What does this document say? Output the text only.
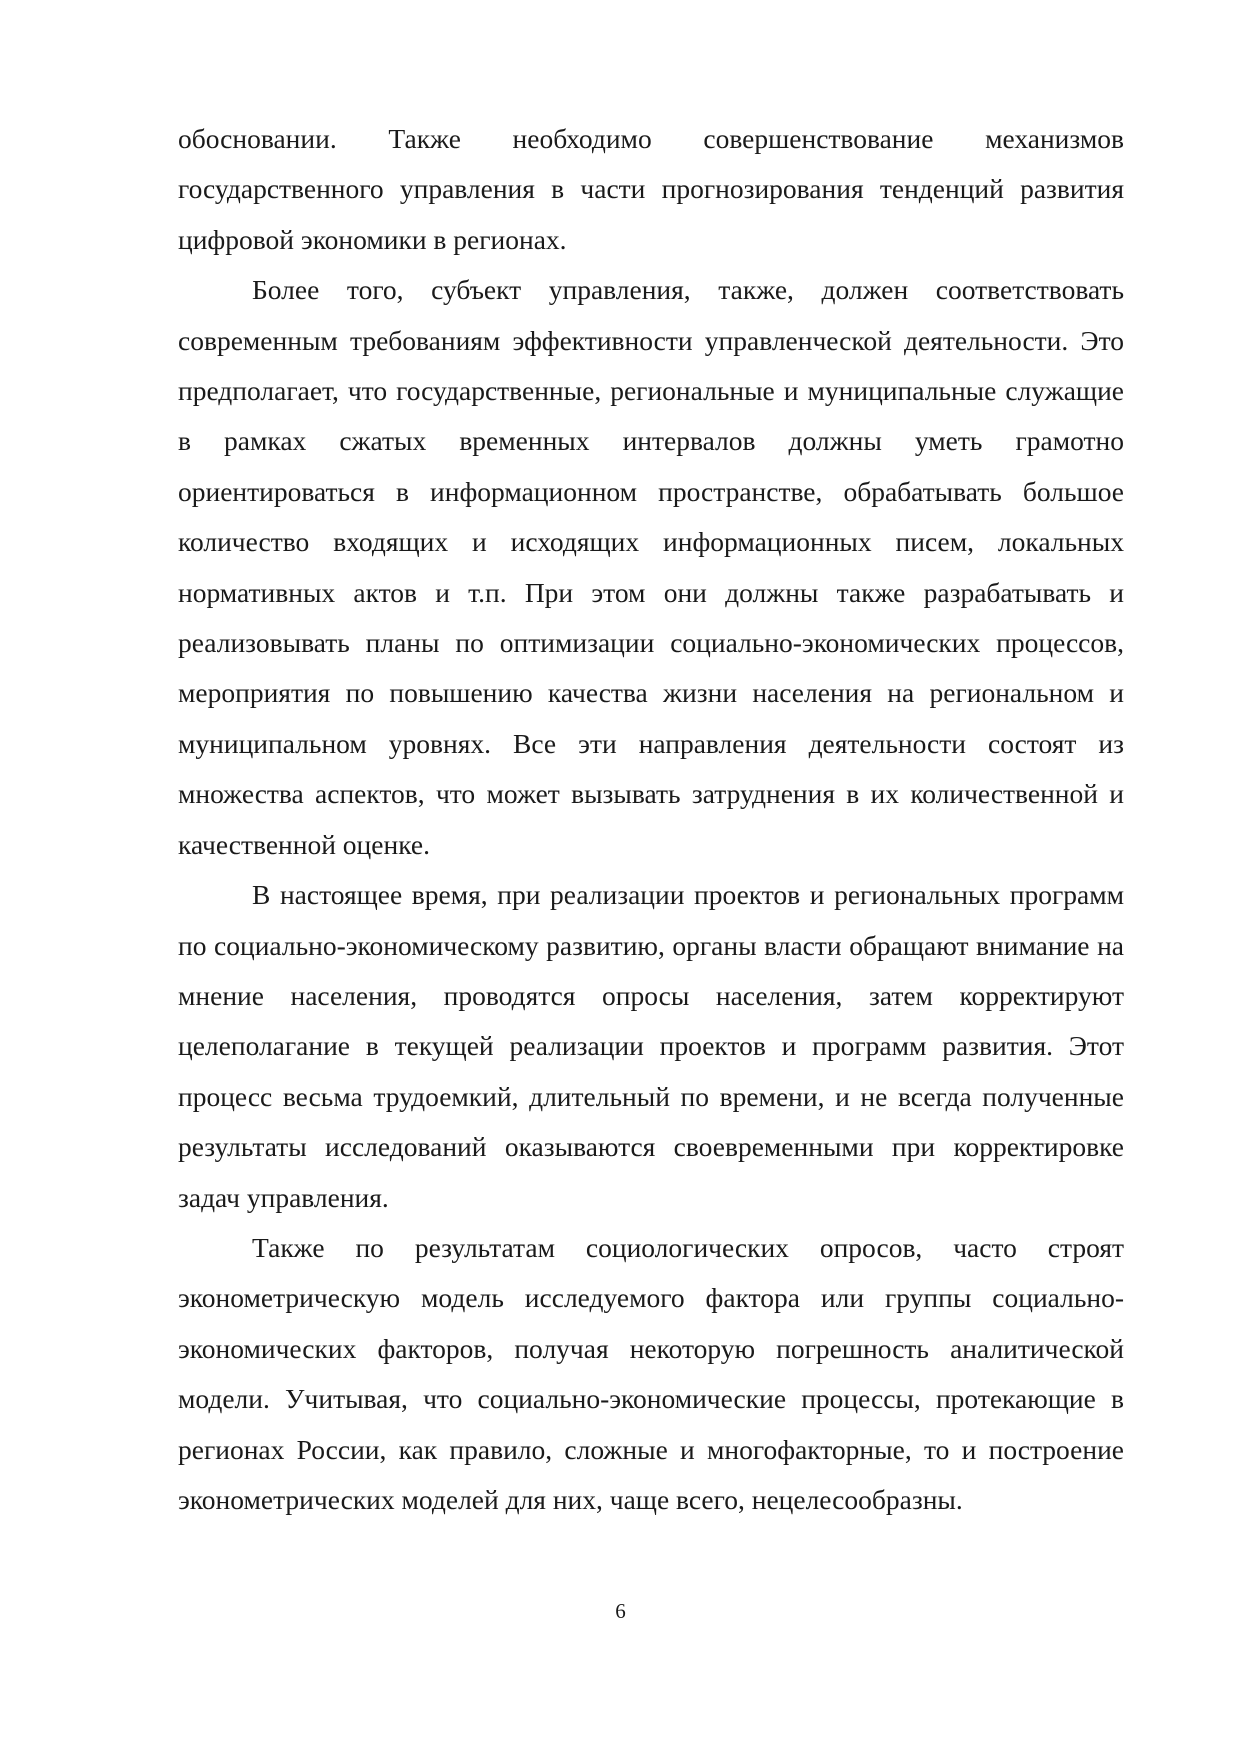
обосновании. Также необходимо совершенствование механизмов государственного управления в части прогнозирования тенденций развития цифровой экономики в регионах.

Более того, субъект управления, также, должен соответствовать современным требованиям эффективности управленческой деятельности. Это предполагает, что государственные, региональные и муниципальные служащие в рамках сжатых временных интервалов должны уметь грамотно ориентироваться в информационном пространстве, обрабатывать большое количество входящих и исходящих информационных писем, локальных нормативных актов и т.п. При этом они должны также разрабатывать и реализовывать планы по оптимизации социально-экономических процессов, мероприятия по повышению качества жизни населения на региональном и муниципальном уровнях. Все эти направления деятельности состоят из множества аспектов, что может вызывать затруднения в их количественной и качественной оценке.

В настоящее время, при реализации проектов и региональных программ по социально-экономическому развитию, органы власти обращают внимание на мнение населения, проводятся опросы населения, затем корректируют целеполагание в текущей реализации проектов и программ развития. Этот процесс весьма трудоемкий, длительный по времени, и не всегда полученные результаты исследований оказываются своевременными при корректировке задач управления.

Также по результатам социологических опросов, часто строят эконометрическую модель исследуемого фактора или группы социально-экономических факторов, получая некоторую погрешность аналитической модели. Учитывая, что социально-экономические процессы, протекающие в регионах России, как правило, сложные и многофакторные, то и построение эконометрических моделей для них, чаще всего, нецелесообразны.

6
